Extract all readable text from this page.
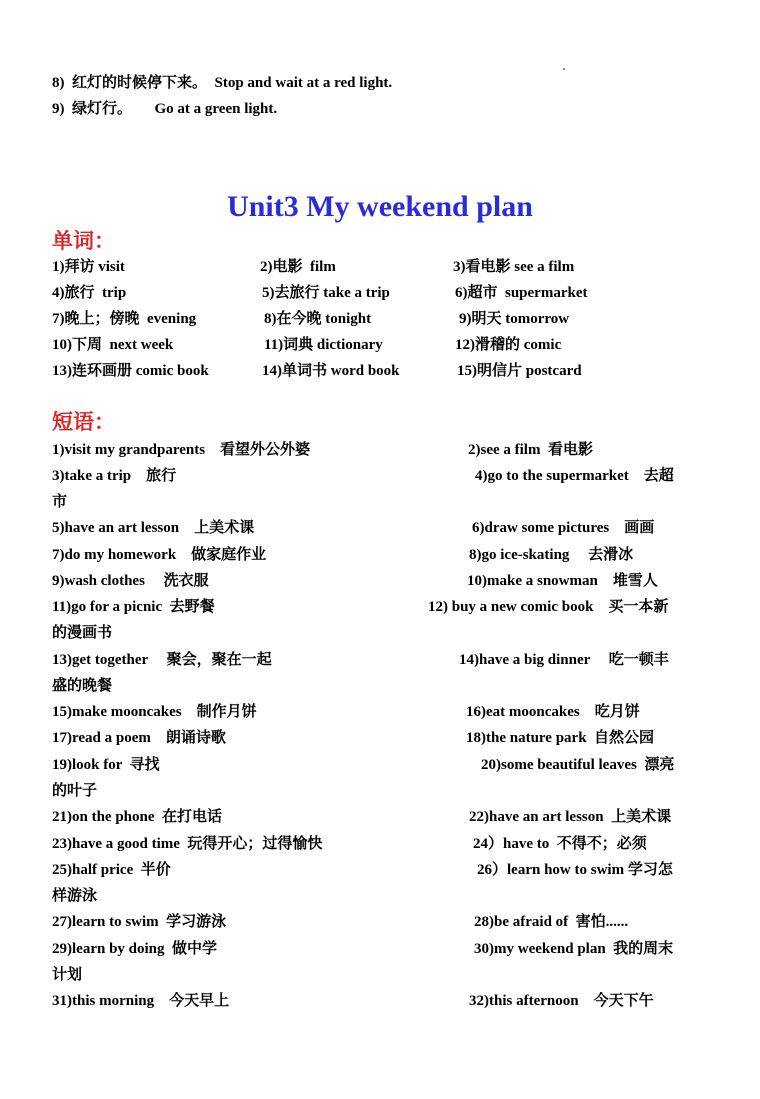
8)  红灯的时候停下来。  Stop and wait at a red light.
9)  绿灯行。      Go at a green light.
Unit3 My weekend plan
单词：
1)拜访 visit	2)电影  film	3)看电影 see a film
4)旅行  trip	5)去旅行 take a trip	6)超市  supermarket
7)晚上；傍晚  evening	8)在今晚 tonight	9)明天 tomorrow
10)下周  next week	11)词典 dictionary	12)滑稽的 comic
13)连环画册 comic book	14)单词书 word book	15)明信片 postcard
短语：
1)visit my grandparents    看望外公外婆	2)see a film  看电影
3)take a trip    旅行	4)go to the supermarket    去超
市
5)have an art lesson    上美术课	6)draw some pictures    画画
7)do my homework    做家庭作业	8)go ice-skating     去滑冰
9)wash clothes     洗衣服	10)make a snowman    堆雪人
11)go for a picnic  去野餐	12) buy a new comic book    买一本新
的漫画书
13)get together     聚会，聚在一起	14)have a big dinner     吃一顿丰
盛的晚餐
15)make mooncakes    制作月饼	16)eat mooncakes    吃月饼
17)read a poem    朗诵诗歌	18)the nature park  自然公园
19)look for  寻找	20)some beautiful leaves  漂亮
的叶子
21)on the phone  在打电话	22)have an art lesson  上美术课
23)have a good time  玩得开心；过得愉快	24）have to  不得不；必须
25)half price  半价	26）learn how to swim 学习怎
样游泳
27)learn to swim  学习游泳	28)be afraid of  害怕......
29)learn by doing  做中学	30)my weekend plan  我的周末
计划
31)this morning    今天早上	32)this afternoon    今天下午
